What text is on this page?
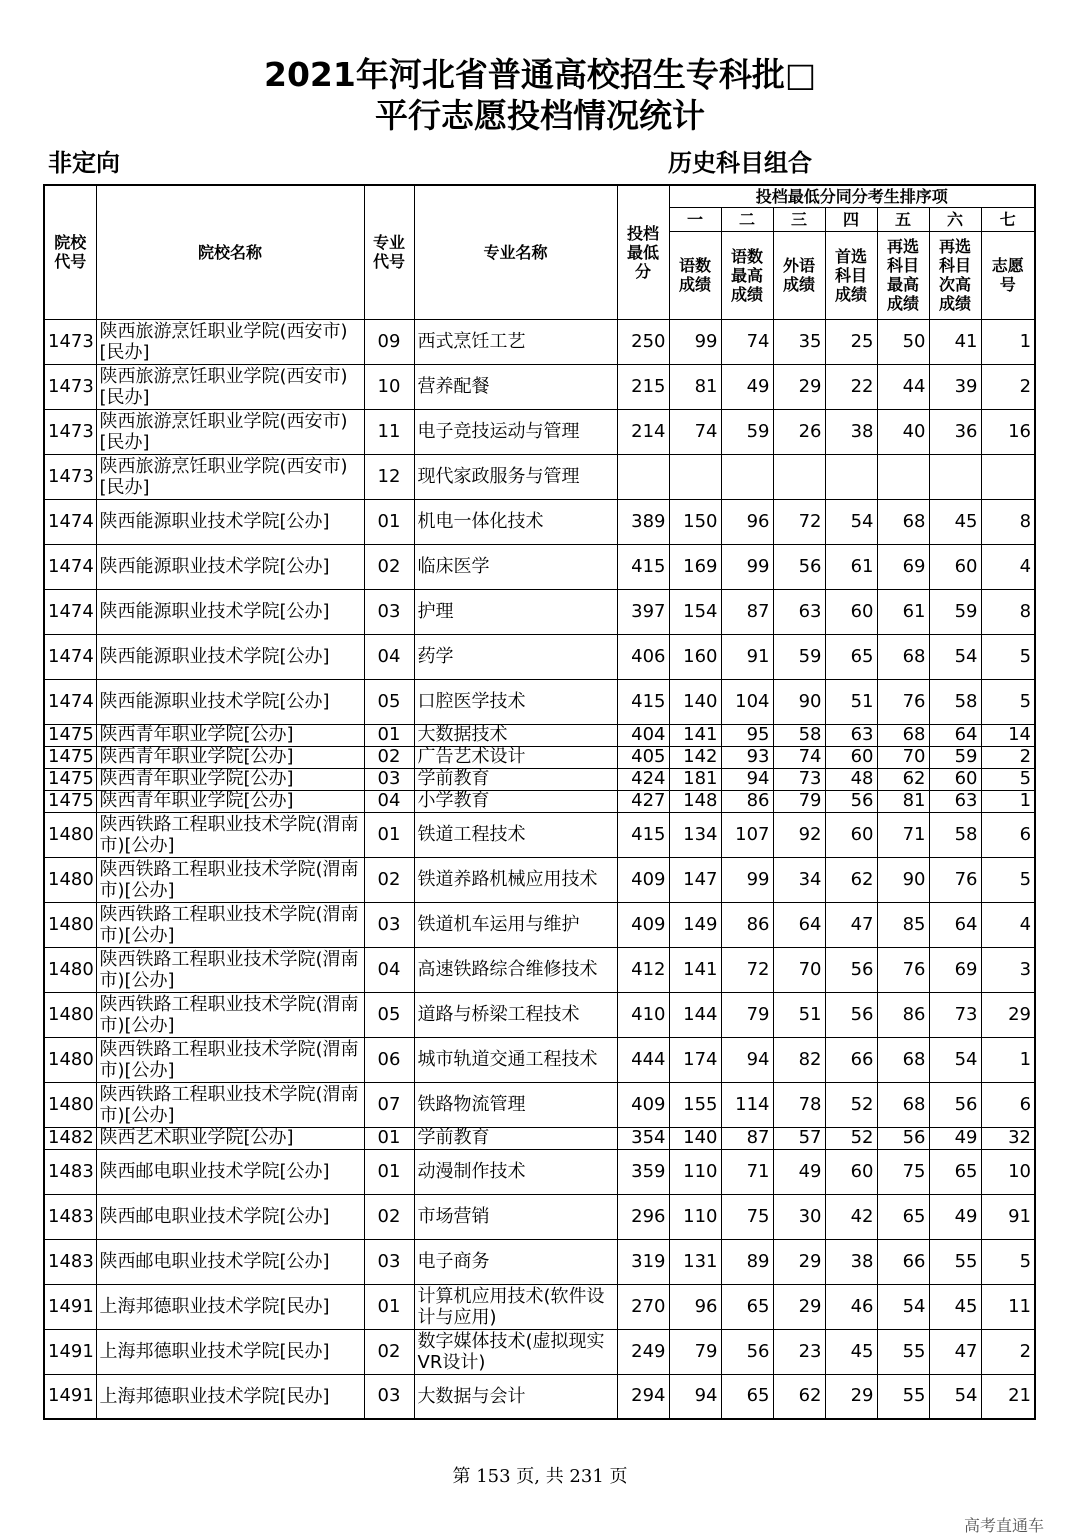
2021年河北省普通高校招生专科批□
平行志愿投档情况统计
非定向	历史科目组合
院校代号	院校名称	专业代号	专业名称	投档最低分	投档最低分同分考生排序项						
					一	二	三	四	五	六	七
					语数成绩	语数最高成绩	外语成绩	首选科目成绩	再选科目最高成绩	再选科目次高成绩	志愿号
1473	陕西旅游烹饪职业学院(西安市)[民办]	09	西式烹饪工艺	250	99	74	35	25	50	41	1
1473	陕西旅游烹饪职业学院(西安市)[民办]	10	营养配餐	215	81	49	29	22	44	39	2
1473	陕西旅游烹饪职业学院(西安市)[民办]	11	电子竞技运动与管理	214	74	59	26	38	40	36	16
1473	陕西旅游烹饪职业学院(西安市)[民办]	12	现代家政服务与管理								
1474	陕西能源职业技术学院[公办]	01	机电一体化技术	389	150	96	72	54	68	45	8
1474	陕西能源职业技术学院[公办]	02	临床医学	415	169	99	56	61	69	60	4
1474	陕西能源职业技术学院[公办]	03	护理	397	154	87	63	60	61	59	8
1474	陕西能源职业技术学院[公办]	04	药学	406	160	91	59	65	68	54	5
1474	陕西能源职业技术学院[公办]	05	口腔医学技术	415	140	104	90	51	76	58	5
1475	陕西青年职业学院[公办]	01	大数据技术	404	141	95	58	63	68	64	14
1475	陕西青年职业学院[公办]	02	广告艺术设计	405	142	93	74	60	70	59	2
1475	陕西青年职业学院[公办]	03	学前教育	424	181	94	73	48	62	60	5
1475	陕西青年职业学院[公办]	04	小学教育	427	148	86	79	56	81	63	1
1480	陕西铁路工程职业技术学院(渭南市)[公办]	01	铁道工程技术	415	134	107	92	60	71	58	6
1480	陕西铁路工程职业技术学院(渭南市)[公办]	02	铁道养路机械应用技术	409	147	99	34	62	90	76	5
1480	陕西铁路工程职业技术学院(渭南市)[公办]	03	铁道机车运用与维护	409	149	86	64	47	85	64	4
1480	陕西铁路工程职业技术学院(渭南市)[公办]	04	高速铁路综合维修技术	412	141	72	70	56	76	69	3
1480	陕西铁路工程职业技术学院(渭南市)[公办]	05	道路与桥梁工程技术	410	144	79	51	56	86	73	29
1480	陕西铁路工程职业技术学院(渭南市)[公办]	06	城市轨道交通工程技术	444	174	94	82	66	68	54	1
1480	陕西铁路工程职业技术学院(渭南市)[公办]	07	铁路物流管理	409	155	114	78	52	68	56	6
1482	陕西艺术职业学院[公办]	01	学前教育	354	140	87	57	52	56	49	32
1483	陕西邮电职业技术学院[公办]	01	动漫制作技术	359	110	71	49	60	75	65	10
1483	陕西邮电职业技术学院[公办]	02	市场营销	296	110	75	30	42	65	49	91
1483	陕西邮电职业技术学院[公办]	03	电子商务	319	131	89	29	38	66	55	5
1491	上海邦德职业技术学院[民办]	01	计算机应用技术(软件设计与应用)	270	96	65	29	46	54	45	11
1491	上海邦德职业技术学院[民办]	02	数字媒体技术(虚拟现实VR设计)	249	79	56	23	45	55	47	2
1491	上海邦德职业技术学院[民办]	03	大数据与会计	294	94	65	62	29	55	54	21
第 153 页, 共 231 页
高考直通车
